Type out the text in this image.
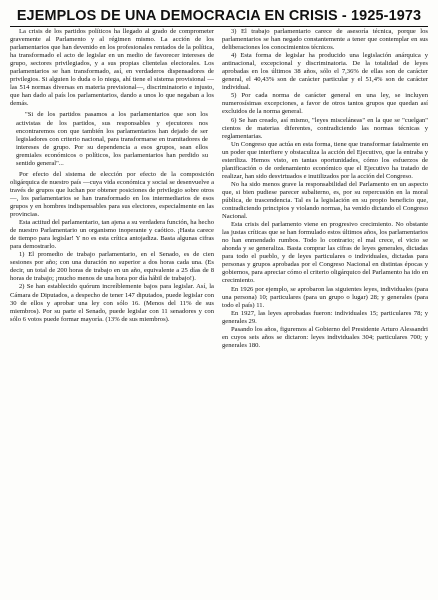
EJEMPLOS DE UNA DEMOCRACIA EN CRISIS - 1925-1973

La crisis de los partidos políticos ha llegado al grado de comprometer gravemente al Parlamento y al régimen mismo. La acción de los parlamentarios que han devenido en los profesionales rentados de la política, ha transformado el acto de legislar en un medio de favorecer intereses de grupo, sectores privilegiados, y a sus propias clientelas electorales. Los parlamentarios se han transformado, así, en verdaderos dispensadores de privilegios. Si alguien lo duda o lo niega, ahí tiene el sistema provisional —las 514 normas diversas en materia previsional—, discriminatorio e injusto, que han dado al país los parlamentarios, dando a unos lo que negaban a los demás.

"Si de los partidos pasamos a los parlamentarios que son los activistas de los partidos, sus responsables y ejecutores nos encontraremos con que también los parlamentarios han dejado de ser legisladores con criterio nacional, para transformarse en tramitadores de intereses de grupo. Por su dependencia a esos grupos, sean ellos gremiales económicos o políticos, los parlamentarios han perdido su sentido general"...

Por efecto del sistema de elección por efecto de la composición oligárquica de nuestro país —cuya vida económica y social se desenvuelve a través de grupos que luchan por obtener posiciones de privilegio sobre otros—, los parlamentarios se han transformado en los intermediarios de esos grupos y en hombres indispensables para sus electores, especialmente en las provincias.

Esta actitud del parlamentario, tan ajena a su verdadera función, ha hecho de nuestro Parlamentario un organismo inoperante y caótico. ¡Hasta carece de tiempo para legislar! Y no es esta crítica antojadiza. Basta algunas cifras para demostrarlo.

1) El promedio de trabajo parlamentario, en el Senado, es de cien sesiones por año; con una duración no superior a dos horas cada una. (Es decir, un total de 200 horas de trabajo en un año, equivalente a 25 días de 8 horas de trabajo; ¡mucho menos de una hora por día hábil de trabajo!).

2) Se han establecido quórum increíblemente bajos para legislar. Así, la Cámara de Diputados, a despecho de tener 147 diputados, puede legislar con 30 de ellos y aprobar una ley con sólo 16. (Menos del 11% de sus miembros). Por su parte el Senado, puede legislar con 11 senadores y con sólo 6 votos puede formar mayoría. (13% de sus miembros).

3) El trabajo parlamentario carece de asesoría técnica, porque los parlamentarios se han negado constantemente a tener que contemplar en sus deliberaciones los conocimientos técnicos.

4) Esta forma de legislar ha producido una legislación anárquica y antinacional, excepcional y discriminatoria. De la totalidad de leyes aprobadas en los últimos 38 años, sólo el 7,36% de ellas son de carácter general, el 40,43% son de carácter particular y el 51,4% son de carácter individual.

5) Por cada norma de carácter general en una ley, se incluyen numerosísimas excepciones, a favor de otros tantos grupos que quedan así excluidos de la norma general.

6) Se han creado, así mismo, "leyes misceláneas" en la que se "cuelgan" cientos de materias diferentes, contradiciendo las normas técnicas y reglamentarias.

Un Congreso que actúa en esta forma, tiene que transformar fatalmente en un poder que interfiere y obstaculiza la acción del Ejecutivo, que la entraba y esteriliza. Hemos visto, en tantas oportunidades, cómo los esfuerzos de planificación o de ordenamiento económico que el Ejecutivo ha tratado de realizar, han sido desvirtuados e inutilizados por la acción del Congreso.

No ha sido menos grave la responsabilidad del Parlamento en un aspecto que, si bien pudiese parecer subalterno, es, por su repercusión en la moral pública, de trascendencia. Tal es la legislación en su propio beneficio que, contradiciendo principios y violando normas, ha venido dictando el Congreso Nacional.

Esta crisis del parlamento viene en progresivo crecimiento. No obstante las justas críticas que se han formulado estos últimos años, los parlamentarios no han enmendado rumbos. Todo lo contrario; el mal crece, el vicio se ahonda y se generaliza. Basta comprar las cifras de leyes generales, dictadas para todo el pueblo, y de leyes particulares o individuales, dictadas para personas y grupos aprobadas por el Congreso Nacional en distintas épocas y gobiernos, para apreciar cómo el criterio oligárquico del Parlamento ha ido en crecimiento.

En 1926 por ejemplo, se aprobaron las siguientes leyes, individuales (para una persona) 10; particulares (para un grupo o lugar) 28; y generales (para todo el país) 11.

En 1927, las leyes aprobadas fueron: individuales 15; particulares 78; y generales 29.

Pasando los años, figuremos al Gobierno del Presidente Arturo Alessandri en cuyos seis años se dictaron: leyes individuales 304; particulares 700; y generales 180.
